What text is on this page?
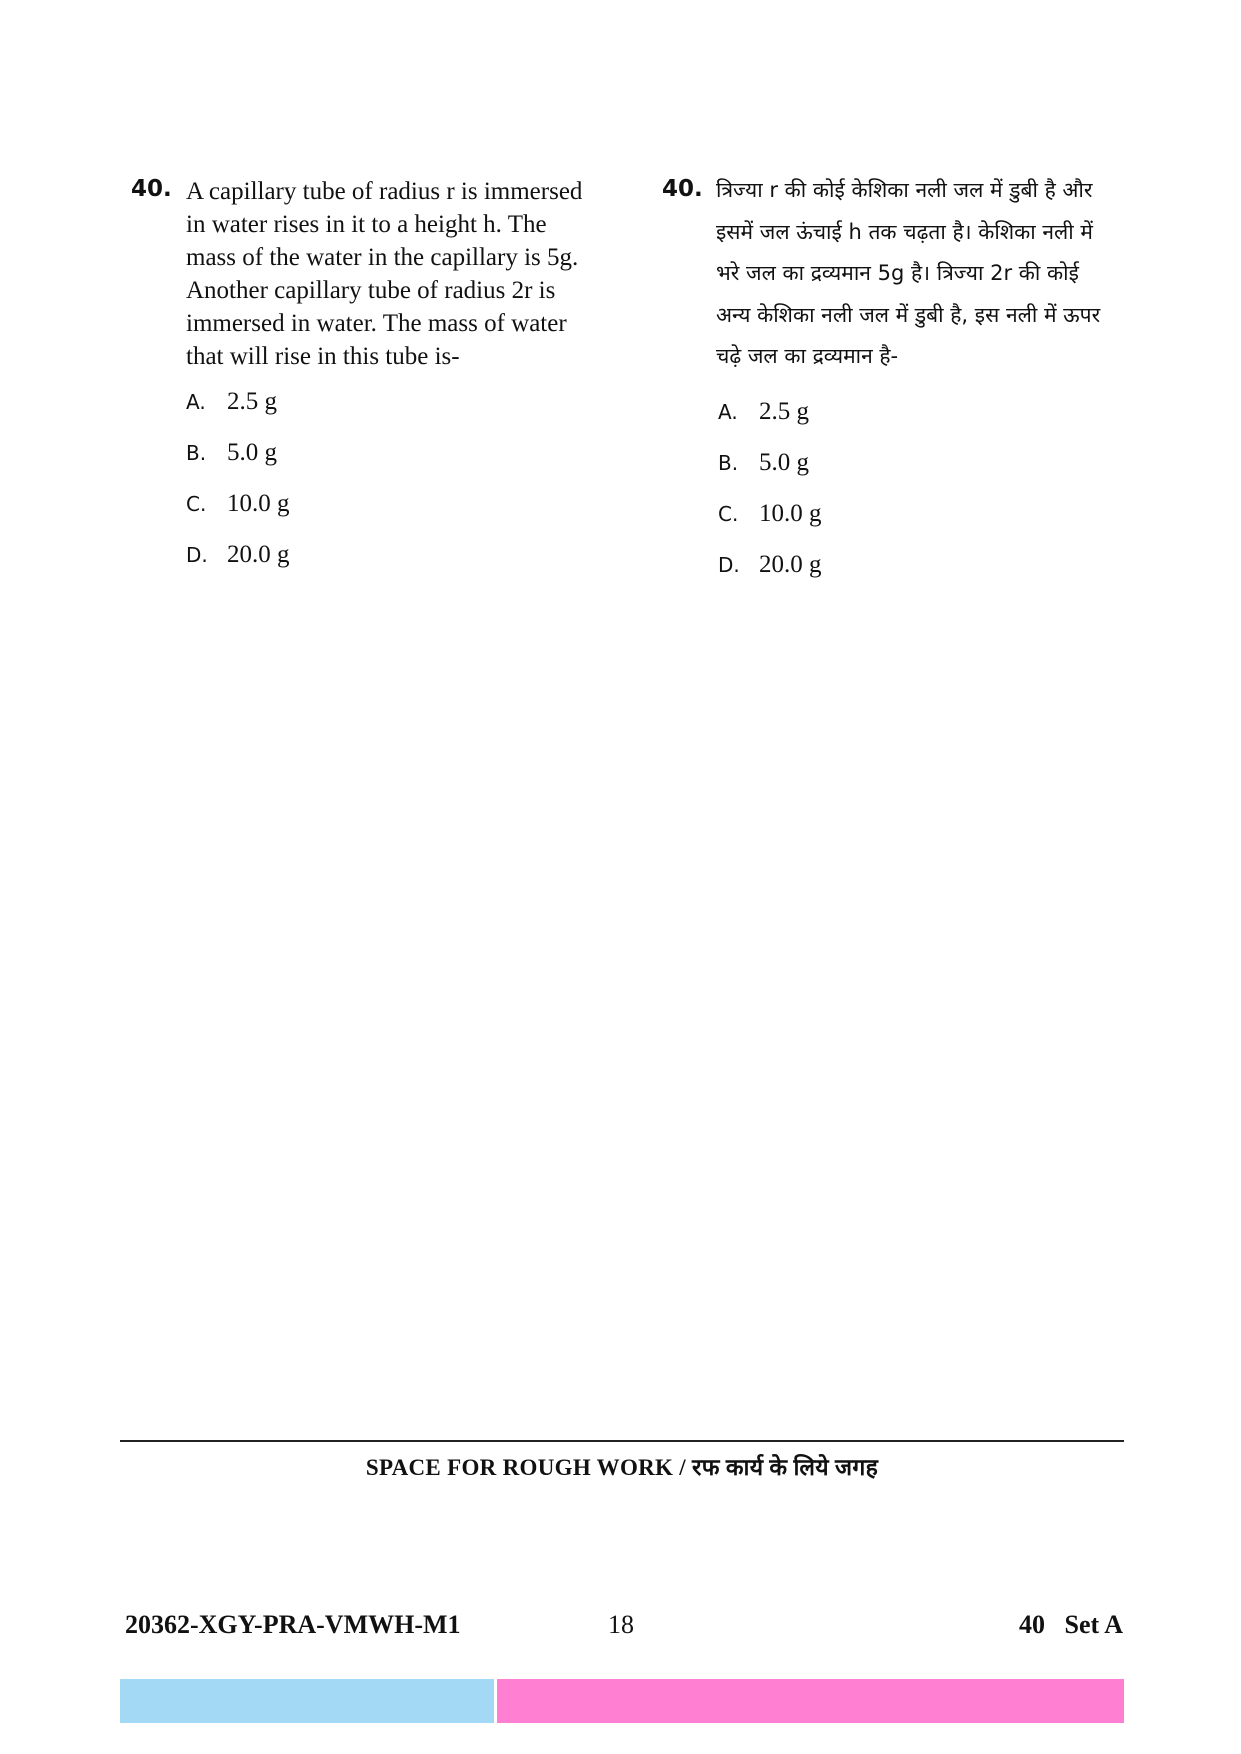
40. A capillary tube of radius r is immersed
in water rises in it to a height h. The
mass of the water in the capillary is 5g.
Another capillary tube of radius 2r is
immersed in water. The mass of water
that will rise in this tube is-
A. 2.5 g
B. 5.0 g
C. 10.0 g
D. 20.0 g
40. त्रिज्या r की कोई केशिका नली जल में डुबी है और
इसमें जल ऊंचाई h तक चढ़ता है। केशिका नली में
भरे जल का द्रव्यमान 5g है। त्रिज्या 2r की कोई
अन्य केशिका नली जल में डुबी है, इस नली में ऊपर
चढ़े जल का द्रव्यमान है-
A. 2.5 g
B. 5.0 g
C. 10.0 g
D. 20.0 g
SPACE FOR ROUGH WORK / रफ कार्य के लिये जगह
20362-XGY-PRA-VMWH-M1	18	40   Set A
